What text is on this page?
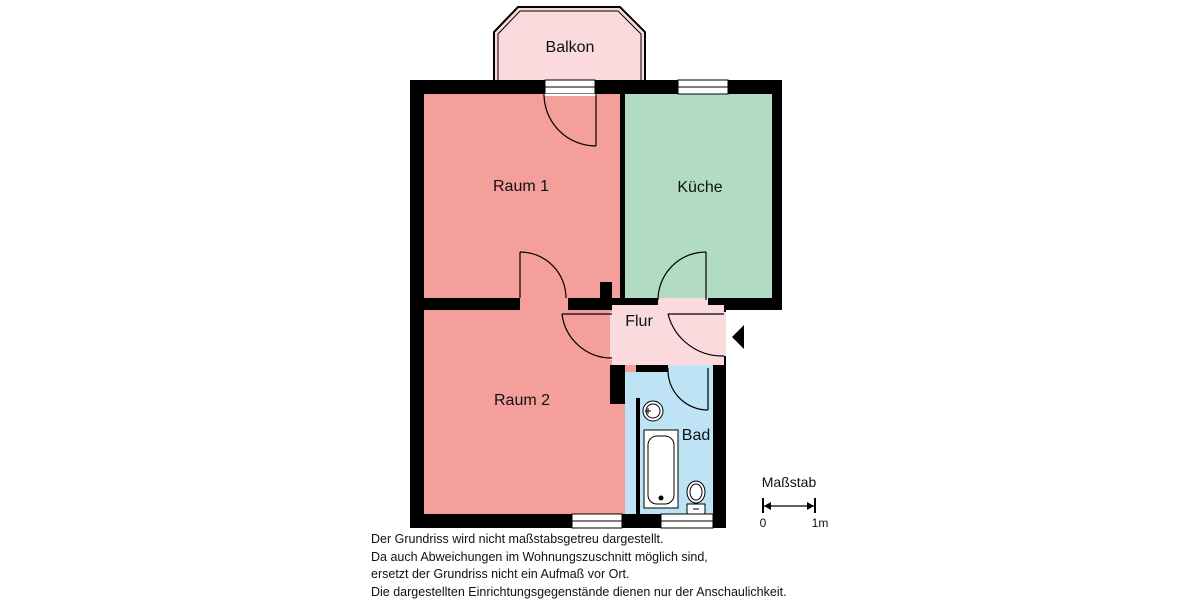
Balkon
Raum 1	Küche
Flur
Raum 2
Bad
Maßstab
0	1m
Der Grundriss wird nicht maßstabsgetreu dargestellt.
Da auch Abweichungen im Wohnungszuschnitt möglich sind,
ersetzt der Grundriss nicht ein Aufmaß vor Ort.
Die dargestellten Einrichtungsgegenstände dienen nur der Anschaulichkeit.
